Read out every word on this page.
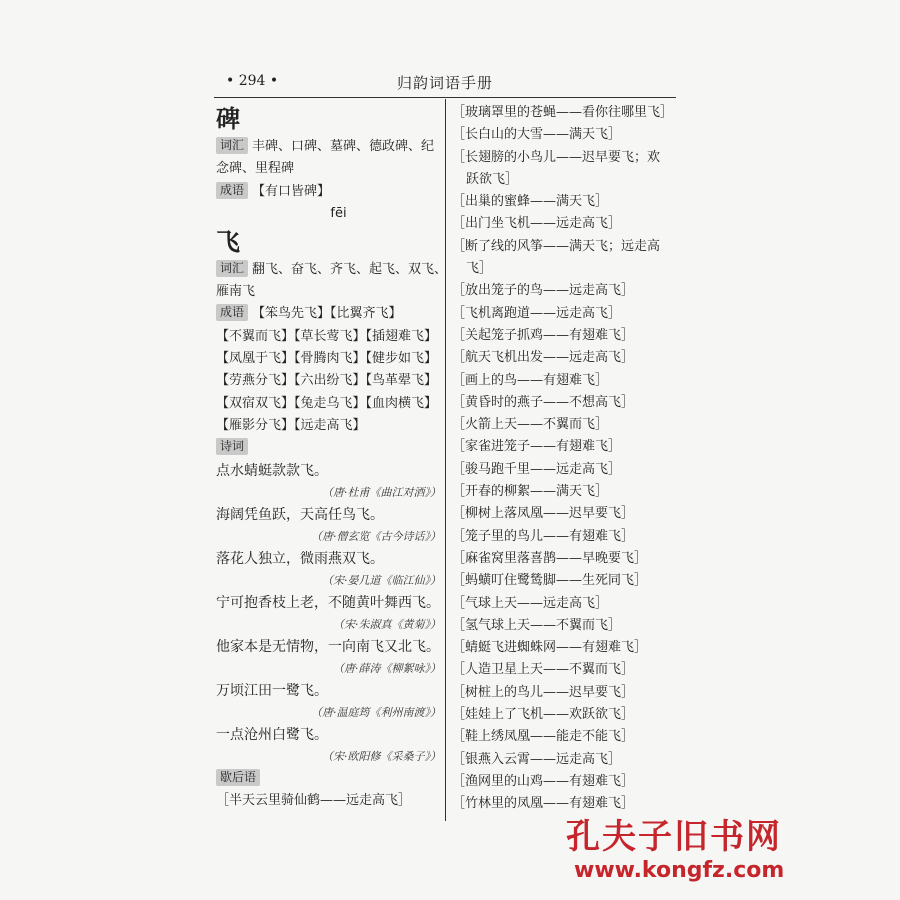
• 294 •	归韵词语手册
碑
词汇 丰碑、口碑、墓碑、德政碑、纪
念碑、里程碑
成语 【有口皆碑】
fēi
飞
词汇 翻飞、奋飞、齐飞、起飞、双飞、
雁南飞
成语 【笨鸟先飞】【比翼齐飞】
【不翼而飞】【草长莺飞】【插翅难飞】
【凤凰于飞】【骨腾肉飞】【健步如飞】
【劳燕分飞】【六出纷飞】【鸟革翚飞】
【双宿双飞】【兔走乌飞】【血肉横飞】
【雁影分飞】【远走高飞】
诗词
点水蜻蜓款款飞。
（唐·杜甫《曲江对酒》）
海阔凭鱼跃，天高任鸟飞。
（唐·僧玄览《古今诗话》）
落花人独立，微雨燕双飞。
（宋·晏几道《临江仙》）
宁可抱香枝上老，不随黄叶舞西飞。
（宋·朱淑真《黄菊》）
他家本是无情物，一向南飞又北飞。
（唐·薛涛《柳絮咏》）
万顷江田一鹭飞。
（唐·温庭筠《利州南渡》）
一点沧州白鹭飞。
（宋·欧阳修《采桑子》）
歇后语
［半天云里骑仙鹤——远走高飞］
［玻璃罩里的苍蝇——看你往哪里飞］
［长白山的大雪——满天飞］
［长翅膀的小鸟儿——迟早要飞；欢
跃欲飞］
［出巢的蜜蜂——满天飞］
［出门坐飞机——远走高飞］
［断了线的风筝——满天飞；远走高
飞］
［放出笼子的鸟——远走高飞］
［飞机离跑道——远走高飞］
［关起笼子抓鸡——有翅难飞］
［航天飞机出发——远走高飞］
［画上的鸟——有翅难飞］
［黄昏时的燕子——不想高飞］
［火箭上天——不翼而飞］
［家雀进笼子——有翅难飞］
［骏马跑千里——远走高飞］
［开春的柳絮——满天飞］
［柳树上落凤凰——迟早要飞］
［笼子里的鸟儿——有翅难飞］
［麻雀窝里落喜鹊——早晚要飞］
［蚂蟥叮住鹭鸶脚——生死同飞］
［气球上天——远走高飞］
［氢气球上天——不翼而飞］
［蜻蜓飞进蜘蛛网——有翅难飞］
［人造卫星上天——不翼而飞］
［树桩上的鸟儿——迟早要飞］
［娃娃上了飞机——欢跃欲飞］
［鞋上绣凤凰——能走不能飞］
［银燕入云霄——远走高飞］
［渔网里的山鸡——有翅难飞］
［竹林里的凤凰——有翅难飞］
孔夫子旧书网
www.kongfz.com
